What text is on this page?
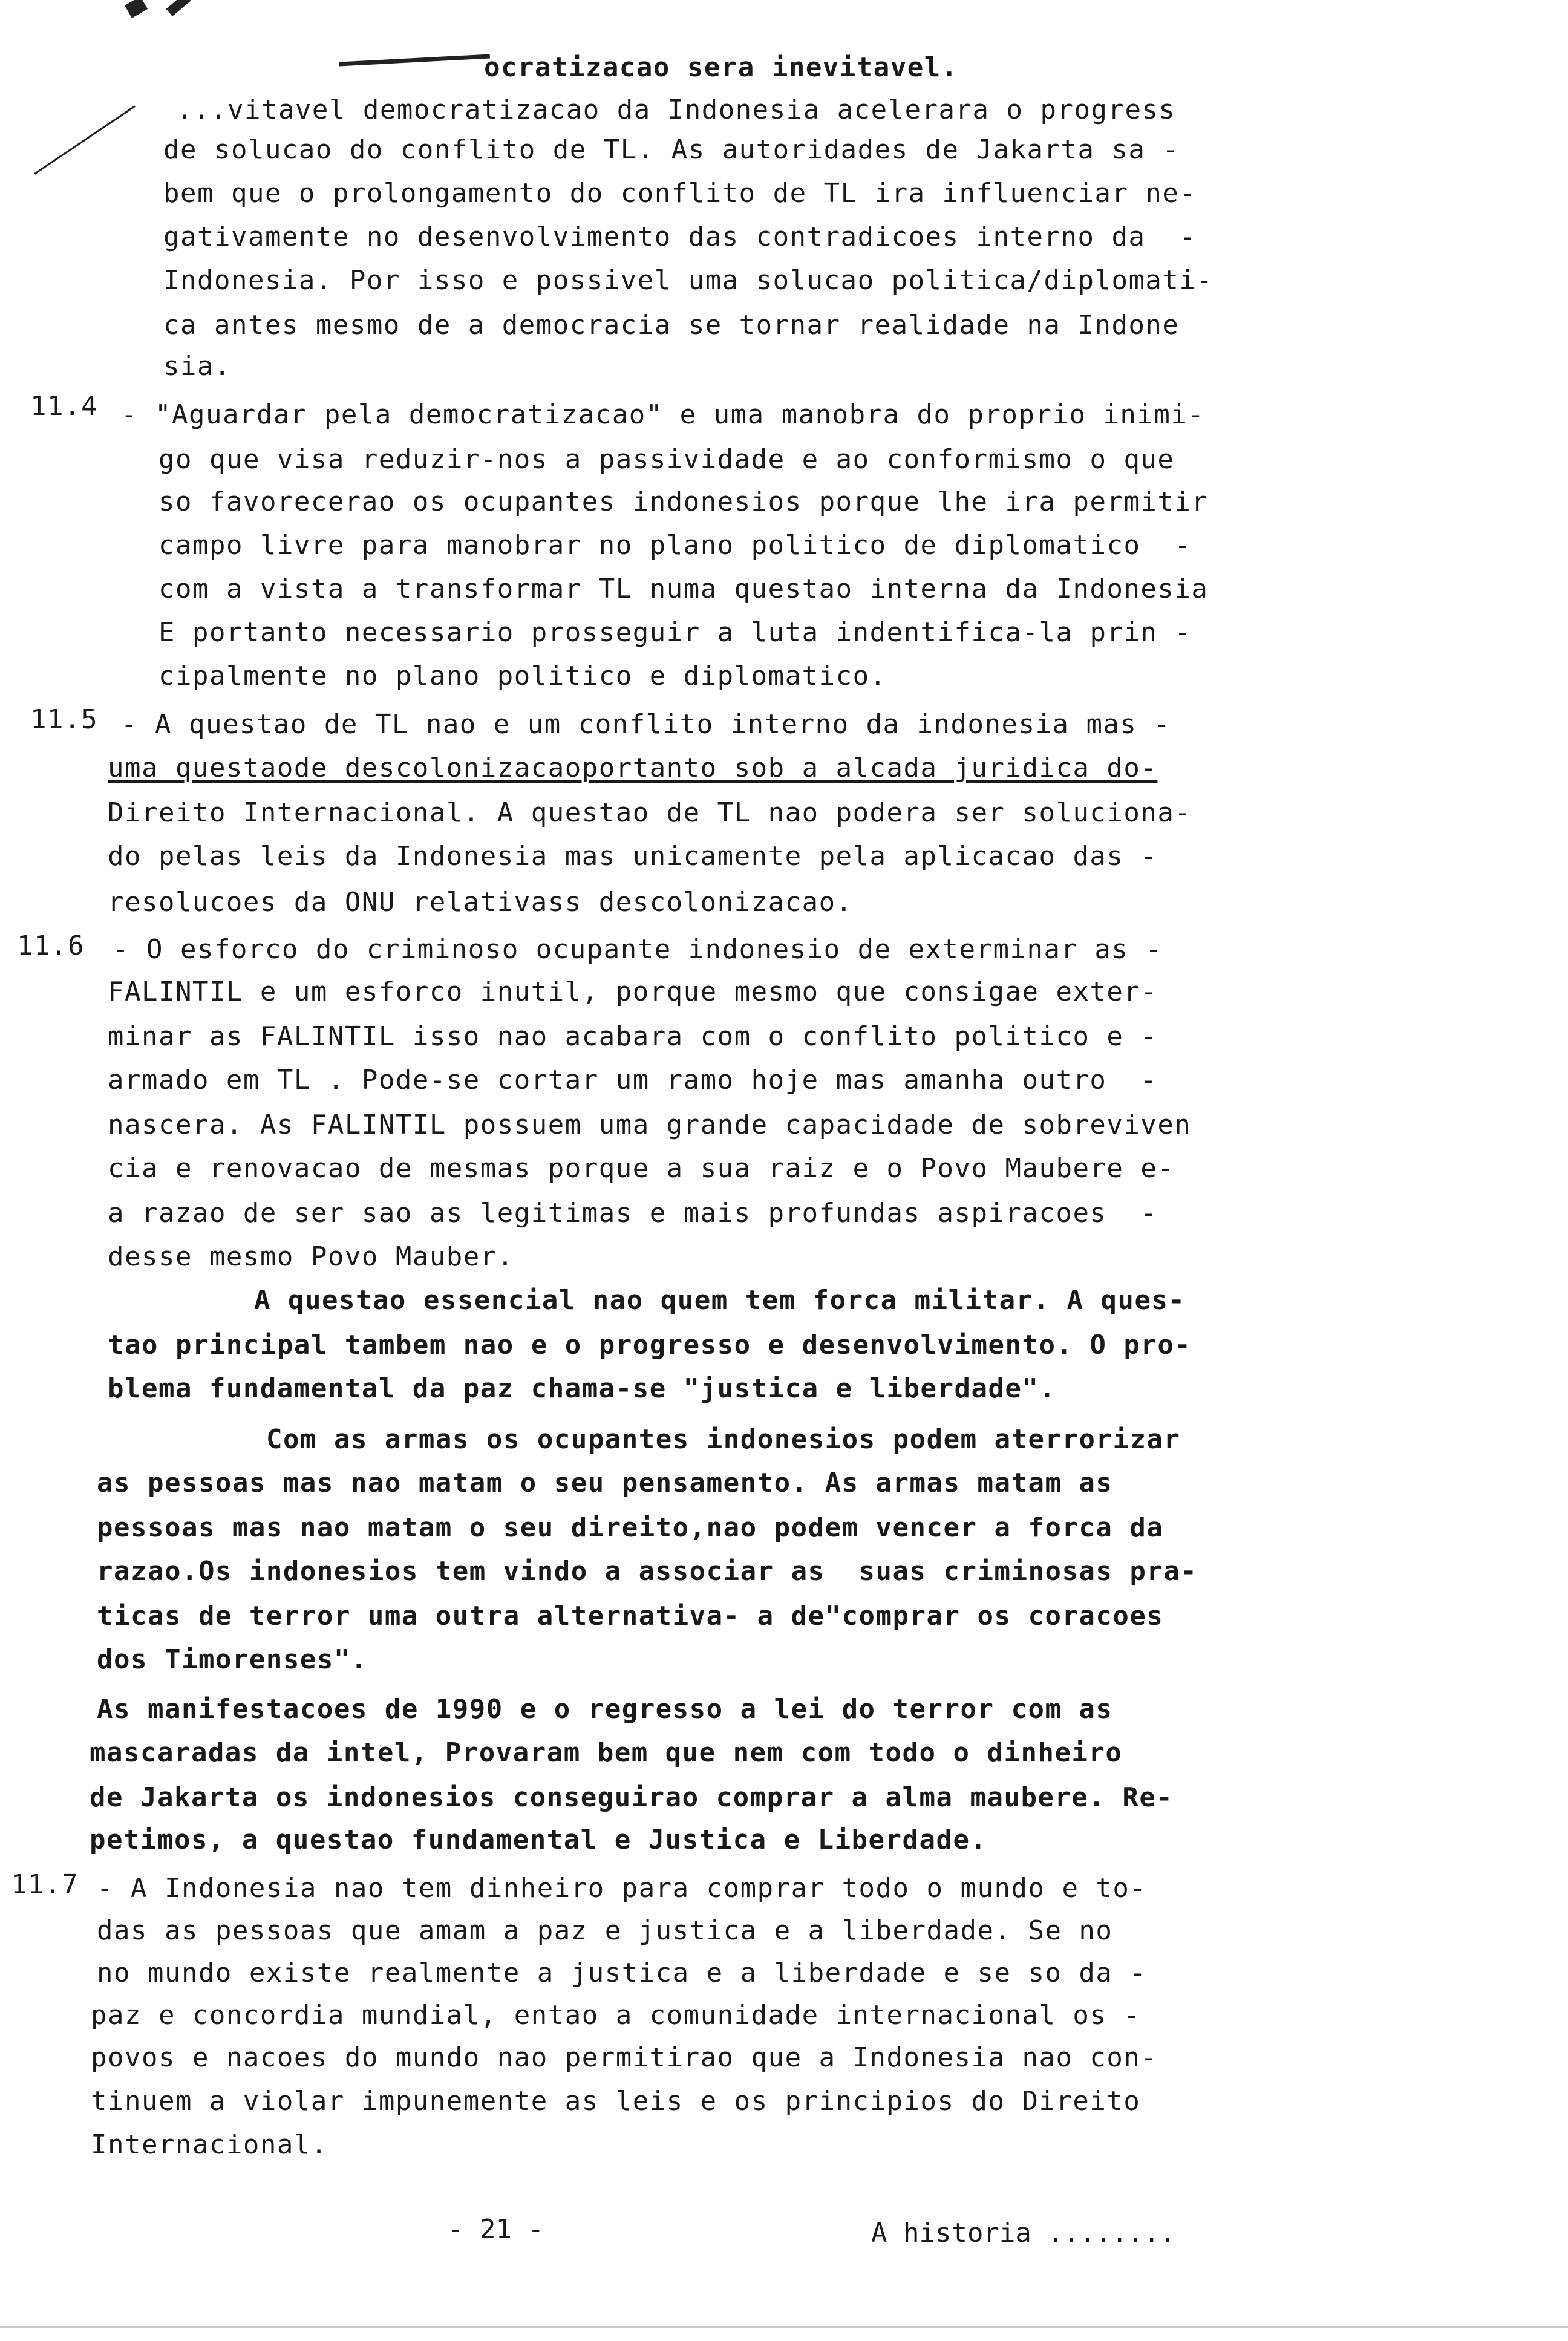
ocratizacao sera inevitavel.
...vitavel democratizacao da Indonesia acelerara o progress
de solucao do conflito de TL. As autoridades de Jakarta sa -
bem que o prolongamento do conflito de TL ira influenciar ne-
gativamente no desenvolvimento das contradicoes interno da  -
Indonesia. Por isso e possivel uma solucao politica/diplomati-
ca antes mesmo de a democracia se tornar realidade na Indone
sia.
11.4 - "Aguardar pela democratizacao" e uma manobra do proprio inimi-
go que visa reduzir-nos a passividade e ao conformismo o que
so favorecerao os ocupantes indonesios porque lhe ira permitir
campo livre para manobrar no plano politico de diplomatico  -
com a vista a transformar TL numa questao interna da Indonesia
E portanto necessario prosseguir a luta indentifica-la prin -
cipalmente no plano politico e diplomatico.
11.5 - A questao de TL nao e um conflito interno da indonesia mas -
uma questaode descolonizacaoportanto sob a alcada juridica do-
Direito Internacional. A questao de TL nao podera ser soluciona-
do pelas leis da Indonesia mas unicamente pela aplicacao das -
resolucoes da ONU relativass descolonizacao.
11.6 - O esforco do criminoso ocupante indonesio de exterminar as -
FALINTIL e um esforco inutil, porque mesmo que consigae exter-
minar as FALINTIL isso nao acabara com o conflito politico e -
armado em TL . Pode-se cortar um ramo hoje mas amanha outro  -
nascera. As FALINTIL possuem uma grande capacidade de sobreviven
cia e renovacao de mesmas porque a sua raiz e o Povo Maubere e-
a razao de ser sao as legitimas e mais profundas aspiracoes  -
desse mesmo Povo Mauber.
A questao essencial nao quem tem forca militar. A ques-
tao principal tambem nao e o progresso e desenvolvimento. O pro-
blema fundamental da paz chama-se "justica e liberdade".
Com as armas os ocupantes indonesios podem aterrorizar
as pessoas mas nao matam o seu pensamento. As armas matam as
pessoas mas nao matam o seu direito,nao podem vencer a forca da
razao.Os indonesios tem vindo a associar as  suas criminosas pra-
ticas de terror uma outra alternativa- a de"comprar os coracoes
dos Timorenses".
As manifestacoes de 1990 e o regresso a lei do terror com as
mascaradas da intel, Provaram bem que nem com todo o dinheiro
de Jakarta os indonesios conseguirao comprar a alma maubere. Re-
petimos, a questao fundamental e Justica e Liberdade.
11.7 - A Indonesia nao tem dinheiro para comprar todo o mundo e to-
das as pessoas que amam a paz e justica e a liberdade. Se no
no mundo existe realmente a justica e a liberdade e se so da -
paz e concordia mundial, entao a comunidade internacional os -
povos e nacoes do mundo nao permitirao que a Indonesia nao con-
tinuem a violar impunemente as leis e os principios do Direito
Internacional.
- 21 -	A historia ........
